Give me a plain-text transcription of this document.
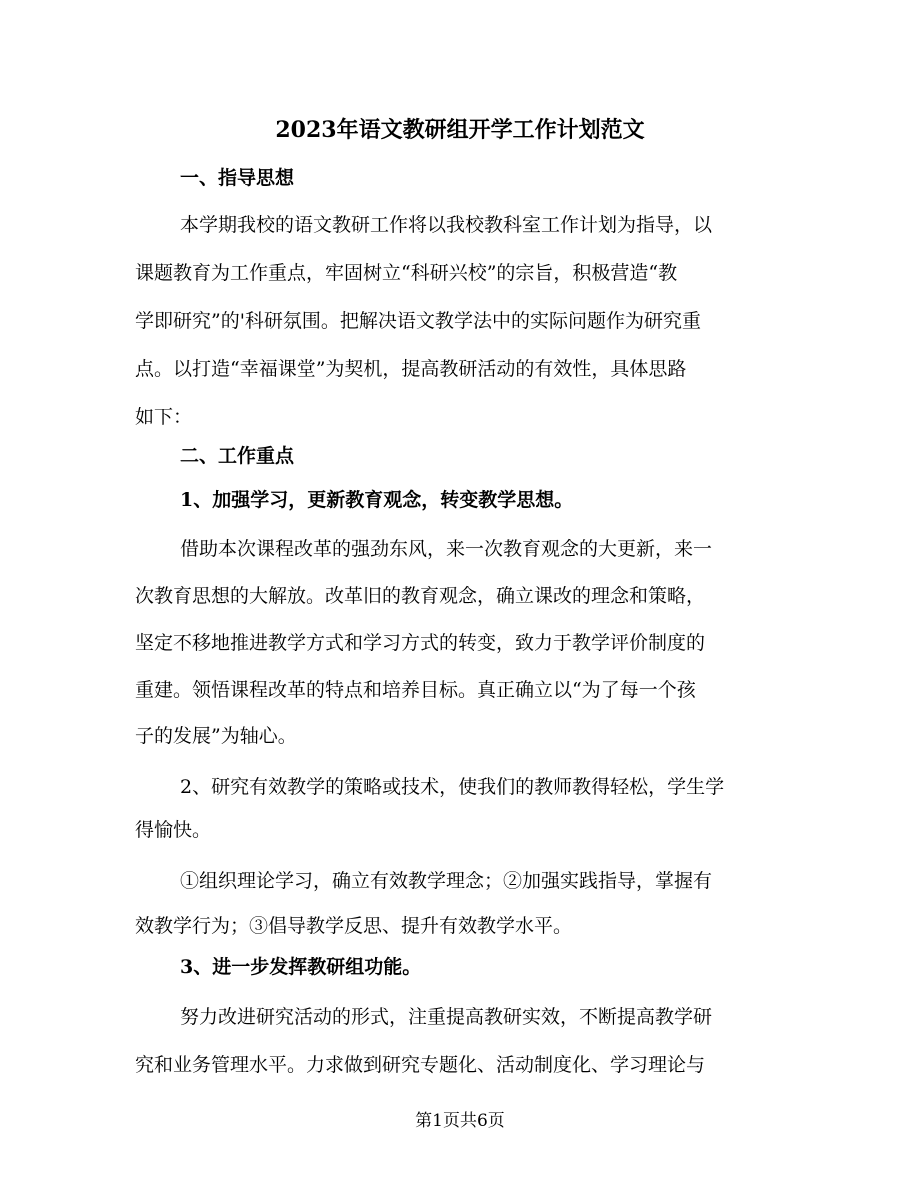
2023年语文教研组开学工作计划范文
一、指导思想
本学期我校的语文教研工作将以我校教科室工作计划为指导，以
课题教育为工作重点，牢固树立“科研兴校”的宗旨，积极营造“教
学即研究”的'科研氛围。把解决语文教学法中的实际问题作为研究重
点。以打造“幸福课堂”为契机，提高教研活动的有效性，具体思路
如下：
二、工作重点
1、加强学习，更新教育观念，转变教学思想。
借助本次课程改革的强劲东风，来一次教育观念的大更新，来一
次教育思想的大解放。改革旧的教育观念，确立课改的理念和策略，
坚定不移地推进教学方式和学习方式的转变，致力于教学评价制度的
重建。领悟课程改革的特点和培养目标。真正确立以“为了每一个孩
子的发展”为轴心。
2、研究有效教学的策略或技术，使我们的教师教得轻松，学生学
得愉快。
①组织理论学习，确立有效教学理念；②加强实践指导，掌握有
效教学行为；③倡导教学反思、提升有效教学水平。
3、进一步发挥教研组功能。
努力改进研究活动的形式，注重提高教研实效，不断提高教学研
究和业务管理水平。力求做到研究专题化、活动制度化、学习理论与
第1页共6页
